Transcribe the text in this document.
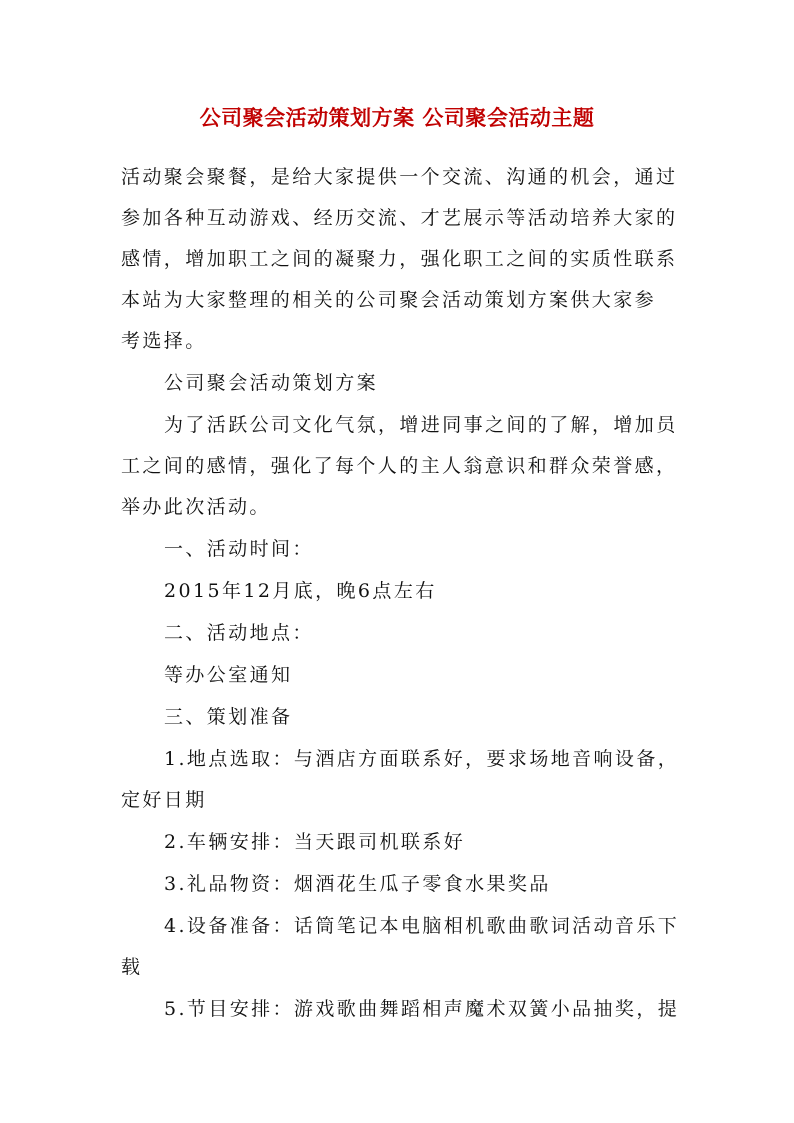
公司聚会活动策划方案 公司聚会活动主题
活动聚会聚餐，是给大家提供一个交流、沟通的机会，通过
参加各种互动游戏、经历交流、才艺展示等活动培养大家的
感情，增加职工之间的凝聚力，强化职工之间的实质性联系
本站为大家整理的相关的公司聚会活动策划方案供大家参
考选择。
公司聚会活动策划方案
为了活跃公司文化气氛，增进同事之间的了解，增加员
工之间的感情，强化了每个人的主人翁意识和群众荣誉感，
举办此次活动。
一、活动时间：
2015年12月底，晚6点左右
二、活动地点：
等办公室通知
三、策划准备
1.地点选取：与酒店方面联系好，要求场地音响设备，
定好日期
2.车辆安排：当天跟司机联系好
3.礼品物资：烟酒花生瓜子零食水果奖品
4.设备准备：话筒笔记本电脑相机歌曲歌词活动音乐下
载
5.节目安排：游戏歌曲舞蹈相声魔术双簧小品抽奖，提
